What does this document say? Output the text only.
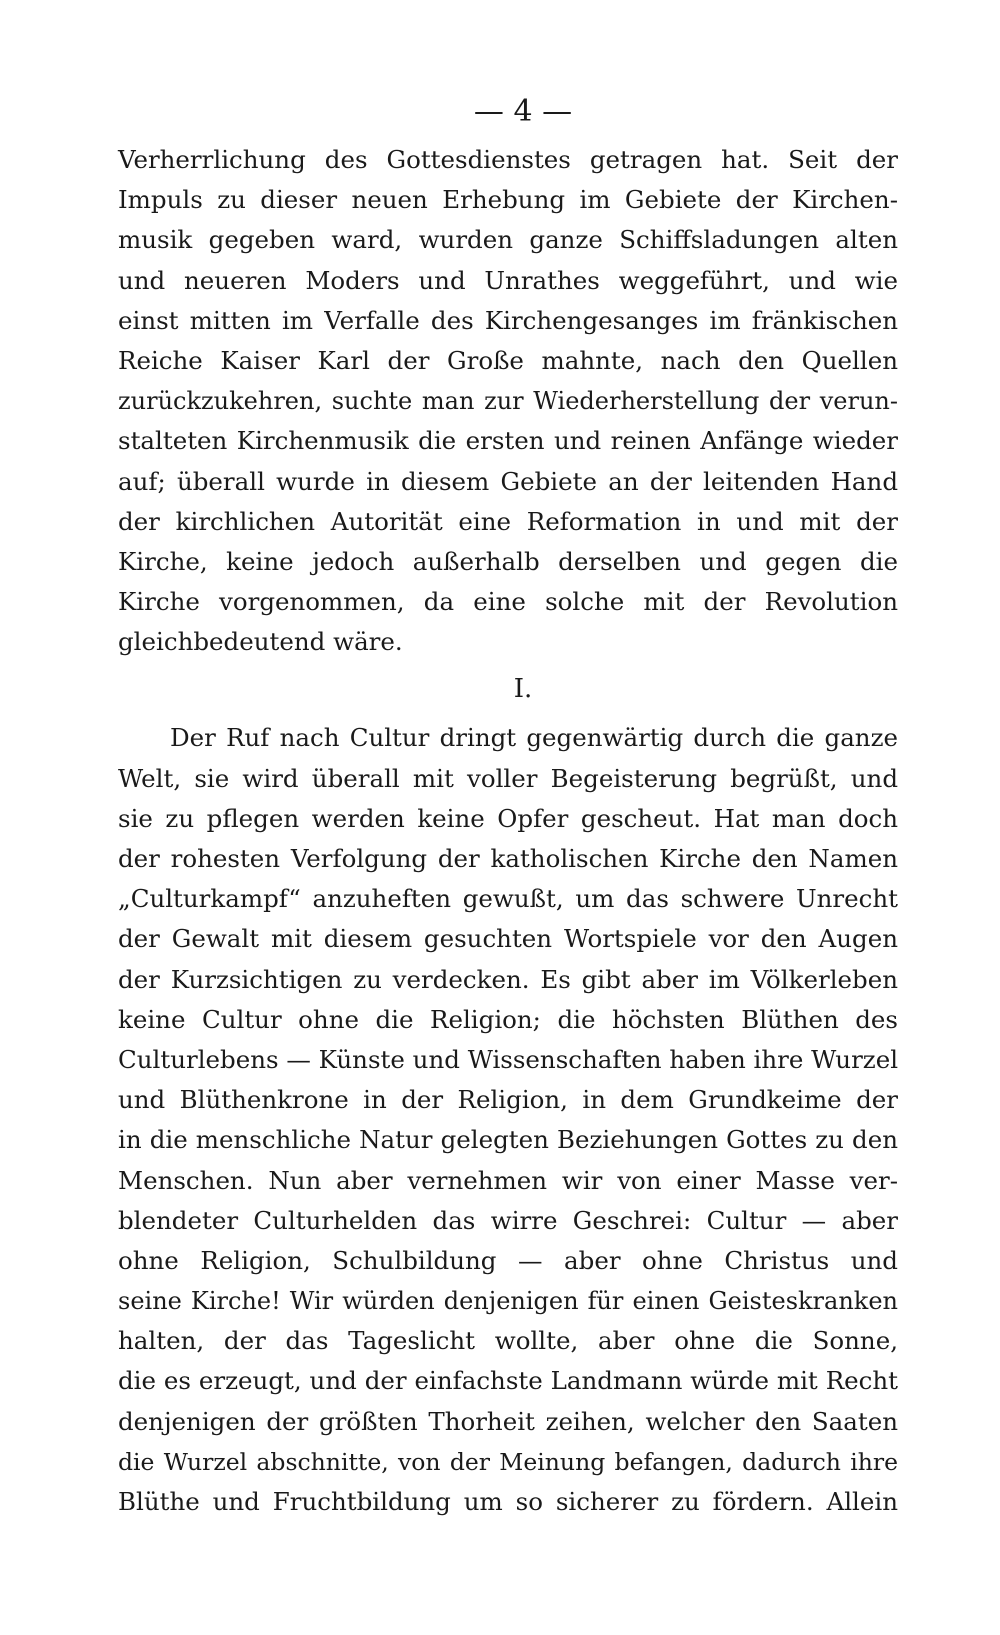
— 4 —
Verherrlichung des Gottesdienstes getragen hat. Seit der
Impuls zu dieser neuen Erhebung im Gebiete der Kirchen-
musik gegeben ward, wurden ganze Schiffsladungen alten
und neueren Moders und Unrathes weggeführt, und wie
einst mitten im Verfalle des Kirchengesanges im fränkischen
Reiche Kaiser Karl der Große mahnte, nach den Quellen
zurückzukehren, suchte man zur Wiederherstellung der verun-
stalteten Kirchenmusik die ersten und reinen Anfänge wieder
auf; überall wurde in diesem Gebiete an der leitenden Hand
der kirchlichen Autorität eine Reformation in und mit der
Kirche, keine jedoch außerhalb derselben und gegen die
Kirche vorgenommen, da eine solche mit der Revolution
gleichbedeutend wäre.
I.
Der Ruf nach Cultur dringt gegenwärtig durch die ganze
Welt, sie wird überall mit voller Begeisterung begrüßt, und
sie zu pflegen werden keine Opfer gescheut. Hat man doch
der rohesten Verfolgung der katholischen Kirche den Namen
„Culturkampf“ anzuheften gewußt, um das schwere Unrecht
der Gewalt mit diesem gesuchten Wortspiele vor den Augen
der Kurzsichtigen zu verdecken. Es gibt aber im Völkerleben
keine Cultur ohne die Religion; die höchsten Blüthen des
Culturlebens — Künste und Wissenschaften haben ihre Wurzel
und Blüthenkrone in der Religion, in dem Grundkeime der
in die menschliche Natur gelegten Beziehungen Gottes zu den
Menschen. Nun aber vernehmen wir von einer Masse ver-
blendeter Culturhelden das wirre Geschrei: Cultur — aber
ohne Religion, Schulbildung — aber ohne Christus und
seine Kirche! Wir würden denjenigen für einen Geisteskranken
halten, der das Tageslicht wollte, aber ohne die Sonne,
die es erzeugt, und der einfachste Landmann würde mit Recht
denjenigen der größten Thorheit zeihen, welcher den Saaten
die Wurzel abschnitte, von der Meinung befangen, dadurch ihre
Blüthe und Fruchtbildung um so sicherer zu fördern. Allein
